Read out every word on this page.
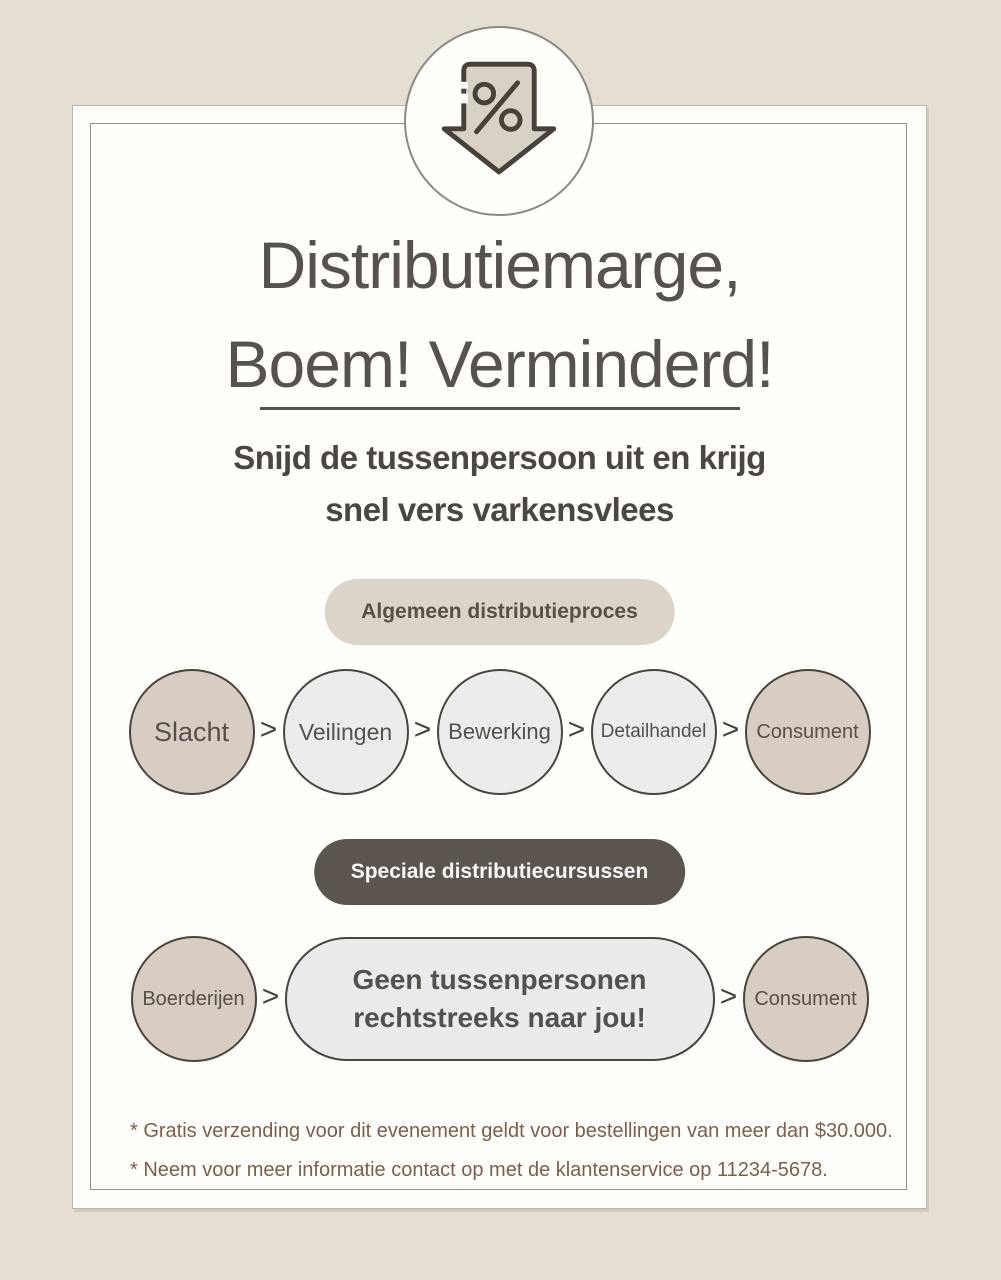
Distributiemarge,
Boem! Verminderd!
Snijd de tussenpersoon uit en krijg
snel vers varkensvlees
Algemeen distributieproces
Slacht	> Veilingen > Bewerking > Detailhandel > Consument
Speciale distributiecursussen
Boerderijen >
Geen tussenpersonen
rechtstreeks naar jou!
> Consument
* Gratis verzending voor dit evenement geldt voor bestellingen van meer dan $30.000.
* Neem voor meer informatie contact op met de klantenservice op 11234-5678.
